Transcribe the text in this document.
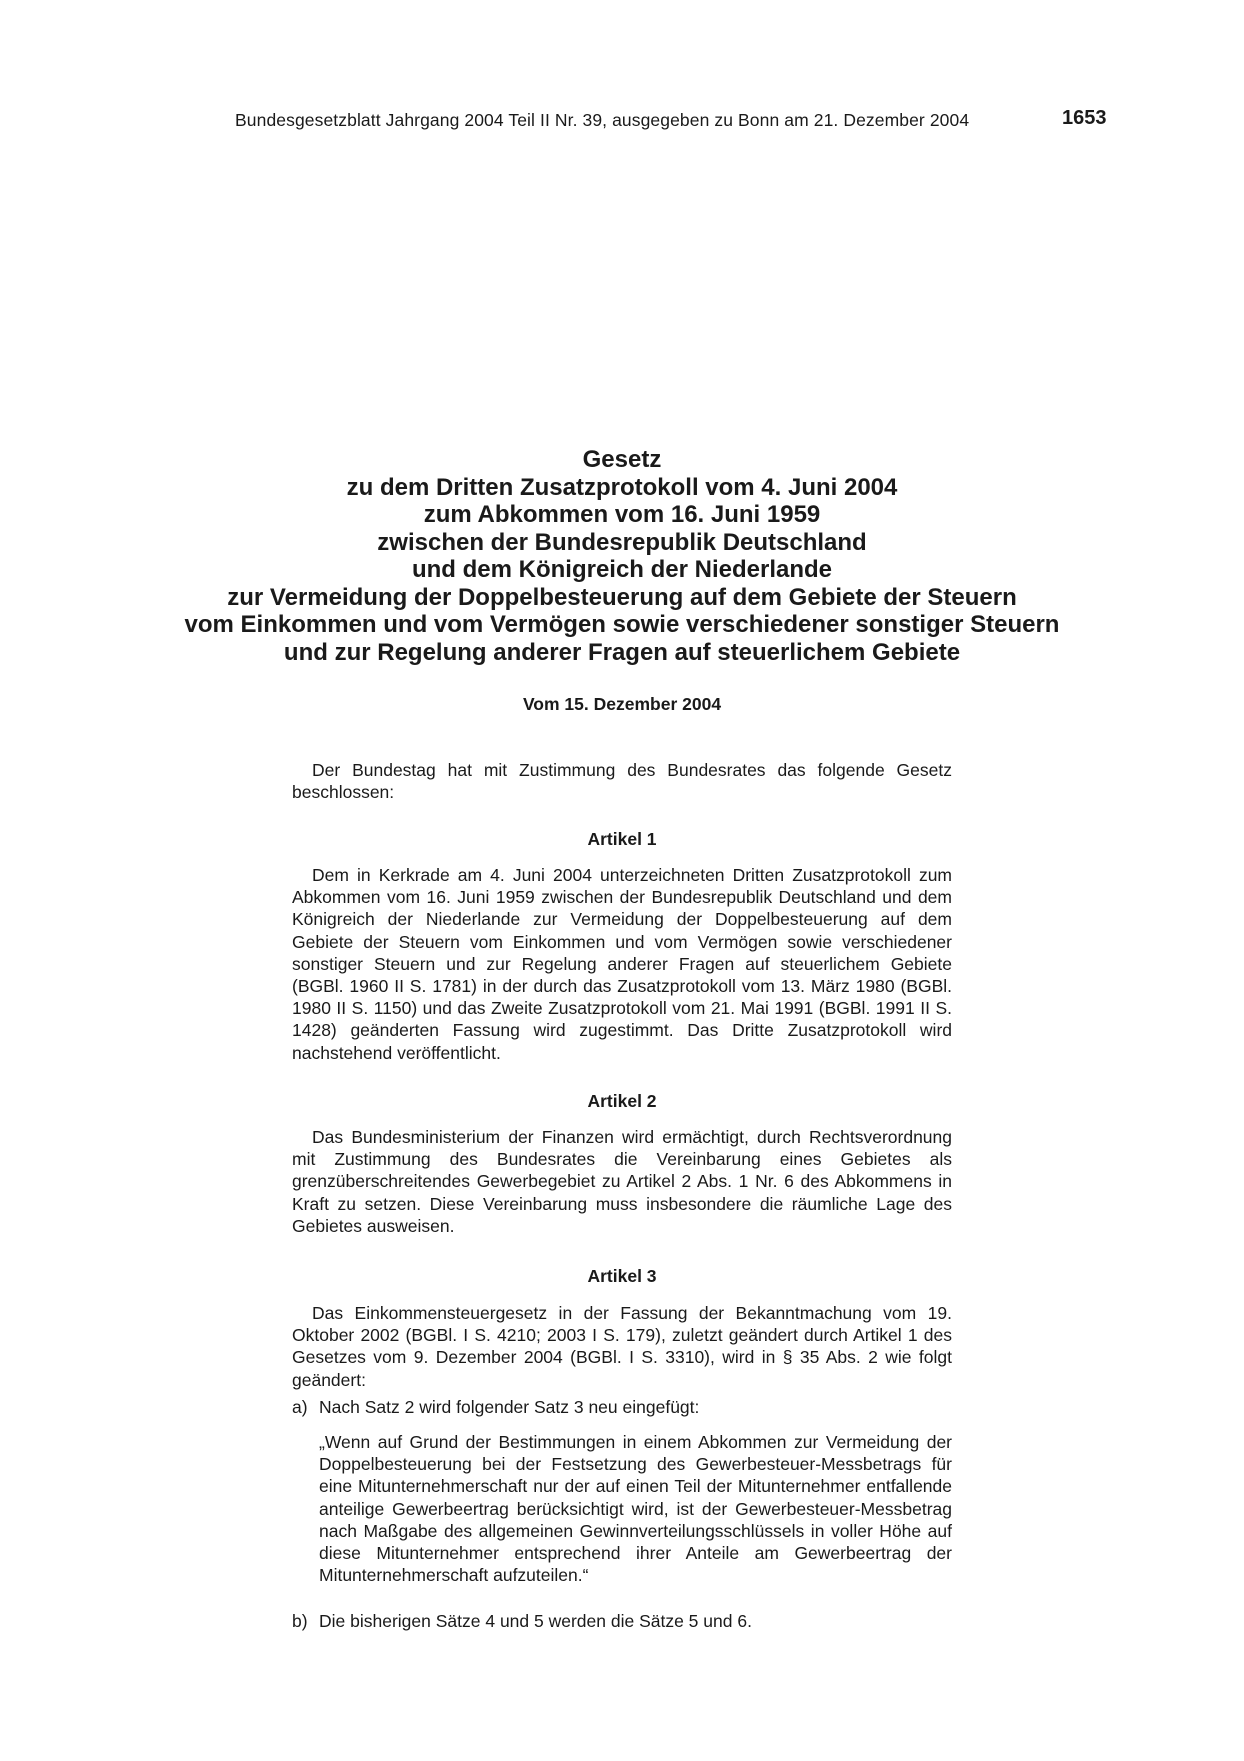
Bundesgesetzblatt Jahrgang 2004 Teil II Nr. 39, ausgegeben zu Bonn am 21. Dezember 2004	1653
Gesetz
zu dem Dritten Zusatzprotokoll vom 4. Juni 2004
zum Abkommen vom 16. Juni 1959
zwischen der Bundesrepublik Deutschland
und dem Königreich der Niederlande
zur Vermeidung der Doppelbesteuerung auf dem Gebiete der Steuern
vom Einkommen und vom Vermögen sowie verschiedener sonstiger Steuern
und zur Regelung anderer Fragen auf steuerlichem Gebiete
Vom 15. Dezember 2004

Der Bundestag hat mit Zustimmung des Bundesrates das folgende Gesetz beschlossen:

Artikel 1

Dem in Kerkrade am 4. Juni 2004 unterzeichneten Dritten Zusatzprotokoll zum Abkommen vom 16. Juni 1959 zwischen der Bundesrepublik Deutschland und dem Königreich der Niederlande zur Vermeidung der Doppelbesteuerung auf dem Gebiete der Steuern vom Einkommen und vom Vermögen sowie verschiedener sonstiger Steuern und zur Regelung anderer Fragen auf steuerlichem Gebiete (BGBl. 1960 II S. 1781) in der durch das Zusatzprotokoll vom 13. März 1980 (BGBl. 1980 II S. 1150) und das Zweite Zusatzprotokoll vom 21. Mai 1991 (BGBl. 1991 II S. 1428) geänderten Fassung wird zugestimmt. Das Dritte Zusatzprotokoll wird nachstehend veröffentlicht.

Artikel 2

Das Bundesministerium der Finanzen wird ermächtigt, durch Rechtsverordnung mit Zustimmung des Bundesrates die Vereinbarung eines Gebietes als grenzüberschreitendes Gewerbegebiet zu Artikel 2 Abs. 1 Nr. 6 des Abkommens in Kraft zu setzen. Diese Vereinbarung muss insbesondere die räumliche Lage des Gebietes ausweisen.

Artikel 3

Das Einkommensteuergesetz in der Fassung der Bekanntmachung vom 19. Oktober 2002 (BGBl. I S. 4210; 2003 I S. 179), zuletzt geändert durch Artikel 1 des Gesetzes vom 9. Dezember 2004 (BGBl. I S. 3310), wird in § 35 Abs. 2 wie folgt geändert:

a) Nach Satz 2 wird folgender Satz 3 neu eingefügt:

„Wenn auf Grund der Bestimmungen in einem Abkommen zur Vermeidung der Doppelbesteuerung bei der Festsetzung des Gewerbesteuer-Messbetrags für eine Mitunternehmerschaft nur der auf einen Teil der Mitunternehmer entfallende anteilige Gewerbeertrag berücksichtigt wird, ist der Gewerbesteuer-Messbetrag nach Maßgabe des allgemeinen Gewinnverteilungsschlüssels in voller Höhe auf diese Mitunternehmer entsprechend ihrer Anteile am Gewerbeertrag der Mitunternehmerschaft aufzuteilen.“

b) Die bisherigen Sätze 4 und 5 werden die Sätze 5 und 6.
